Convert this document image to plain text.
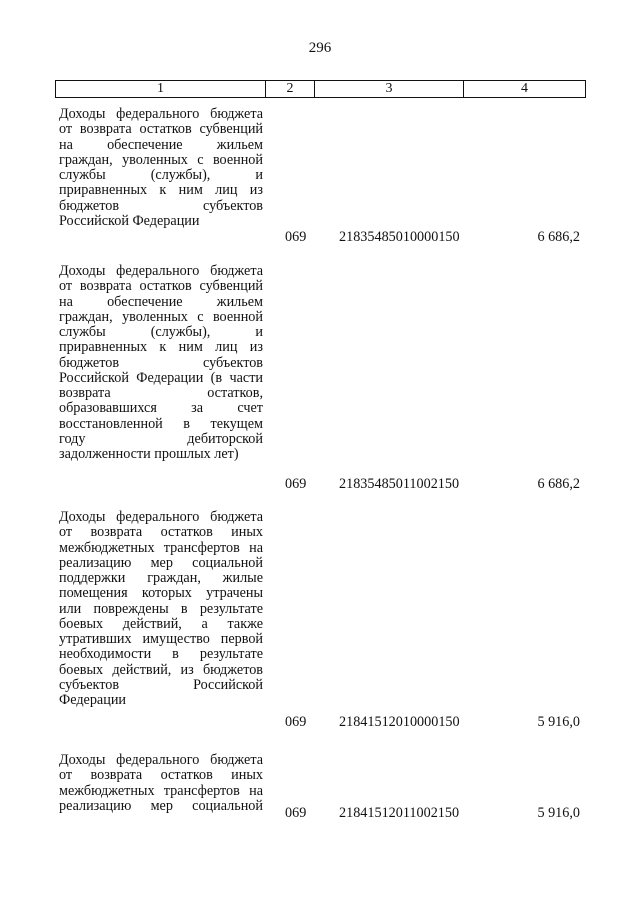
296
1	2	3	4
Доходы федерального бюджета
от возврата остатков субвенций
на обеспечение жильем
граждан, уволенных с военной
службы (службы), и
приравненных к ним лиц из
бюджетов субъектов
Российской Федерации
069 21835485010000150	6 686,2
Доходы федерального бюджета
от возврата остатков субвенций
на обеспечение жильем
граждан, уволенных с военной
службы (службы), и
приравненных к ним лиц из
бюджетов субъектов
Российской Федерации (в части
возврата остатков,
образовавшихся за счет
восстановленной в текущем
году дебиторской
задолженности прошлых лет)
069 21835485011002150	6 686,2
Доходы федерального бюджета
от возврата остатков иных
межбюджетных трансфертов на
реализацию мер социальной
поддержки граждан, жилые
помещения которых утрачены
или повреждены в результате
боевых действий, а также
утративших имущество первой
необходимости в результате
боевых действий, из бюджетов
субъектов Российской
Федерации
069 21841512010000150	5 916,0
Доходы федерального бюджета
от возврата остатков иных
межбюджетных трансфертов на
реализацию мер социальной 069 21841512011002150	5 916,0
